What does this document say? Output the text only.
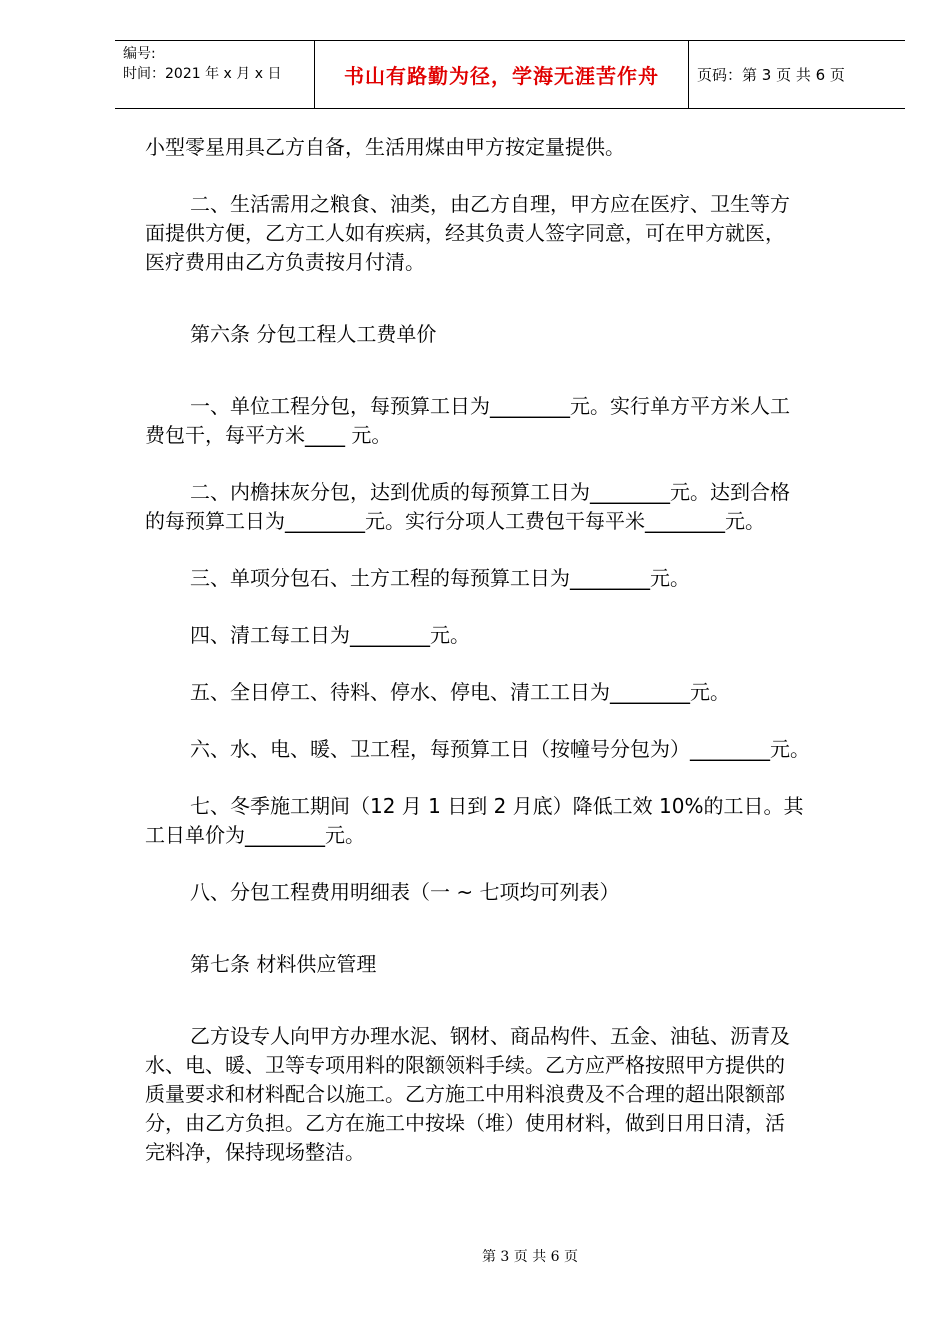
编号:
时间：2021 年 x 月 x 日	书山有路勤为径，学海无涯苦作舟	页码：第 3 页 共 6 页
小型零星用具乙方自备，生活用煤由甲方按定量提供。
二、生活需用之粮食、油类，由乙方自理，甲方应在医疗、卫生等方
面提供方便，乙方工人如有疾病，经其负责人签字同意，可在甲方就医，
医疗费用由乙方负责按月付清。
第六条 分包工程人工费单价
一、单位工程分包，每预算工日为________元。实行单方平方米人工
费包干，每平方米____ 元。
二、内檐抹灰分包，达到优质的每预算工日为________元。达到合格
的每预算工日为________元。实行分项人工费包干每平米________元。
三、单项分包石、土方工程的每预算工日为________元。
四、清工每工日为________元。
五、全日停工、待料、停水、停电、清工工日为________元。
六、水、电、暖、卫工程，每预算工日（按幢号分包为）________元。
七、冬季施工期间（12 月 1 日到 2 月底）降低工效 10%的工日。其
工日单价为________元。
八、分包工程费用明细表（一 ~ 七项均可列表）
第七条 材料供应管理
乙方设专人向甲方办理水泥、钢材、商品构件、五金、油毡、沥青及
水、电、暖、卫等专项用料的限额领料手续。乙方应严格按照甲方提供的
质量要求和材料配合以施工。乙方施工中用料浪费及不合理的超出限额部
分，由乙方负担。乙方在施工中按垛（堆）使用材料，做到日用日清，活
完料净，保持现场整洁。
第 3 页 共 6 页
